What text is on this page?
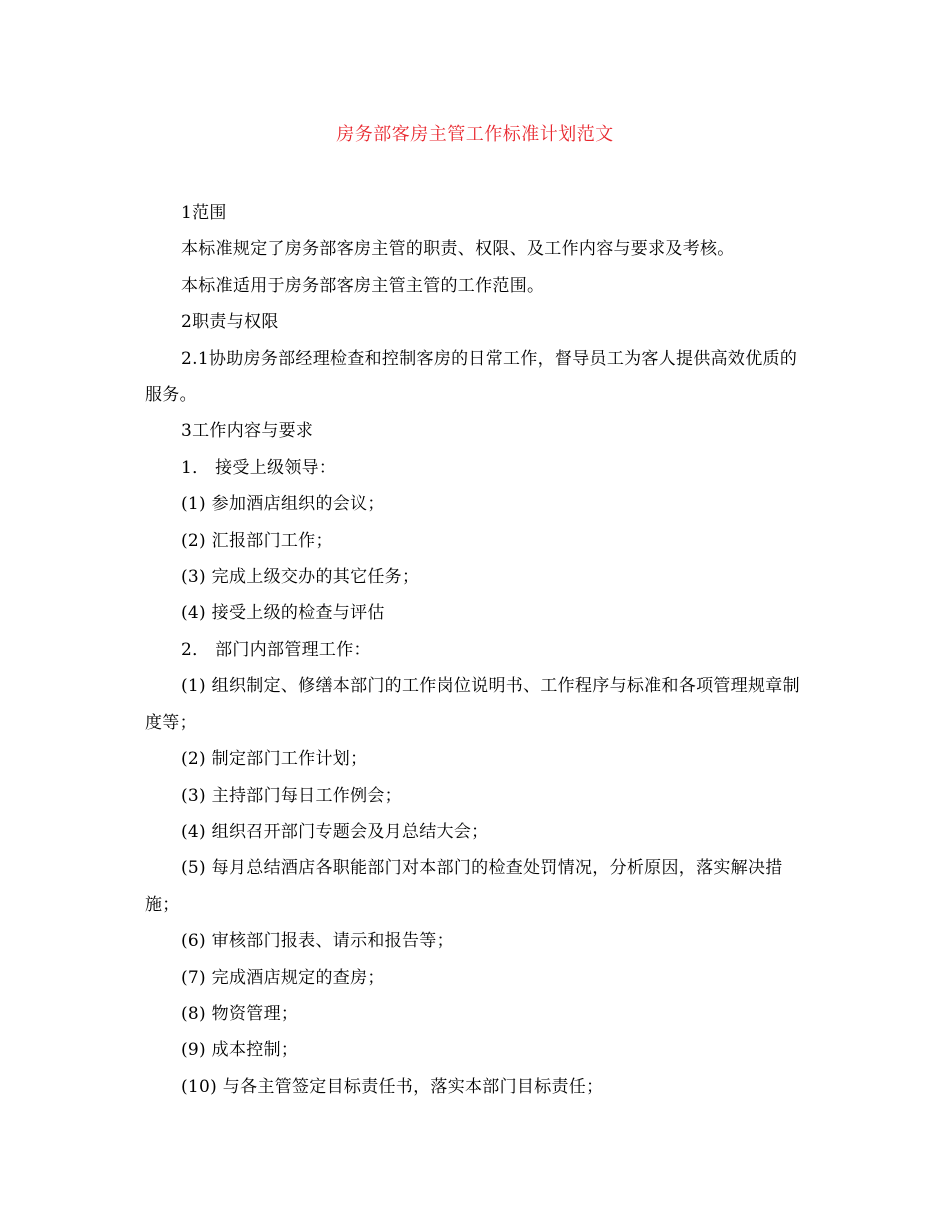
房务部客房主管工作标准计划范文

1范围

本标准规定了房务部客房主管的职责、权限、及工作内容与要求及考核。

本标准适用于房务部客房主管主管的工作范围。

2职责与权限

2.1协助房务部经理检查和控制客房的日常工作，督导员工为客人提供高效优质的服务。

3工作内容与要求

1． 接受上级领导：

(1) 参加酒店组织的会议；

(2) 汇报部门工作；

(3) 完成上级交办的其它任务；

(4) 接受上级的检查与评估

2． 部门内部管理工作：

(1) 组织制定、修缮本部门的工作岗位说明书、工作程序与标准和各项管理规章制度等；

(2) 制定部门工作计划；

(3) 主持部门每日工作例会；

(4) 组织召开部门专题会及月总结大会；

(5) 每月总结酒店各职能部门对本部门的检查处罚情况，分析原因，落实解决措施；

(6) 审核部门报表、请示和报告等；

(7) 完成酒店规定的查房；

(8) 物资管理；

(9) 成本控制；

(10) 与各主管签定目标责任书，落实本部门目标责任；
